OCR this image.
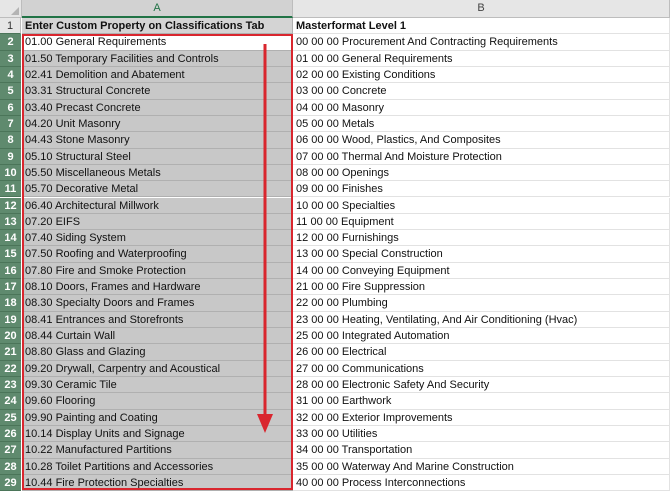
A	B
1	Enter Custom Property on Classifications Tab	Masterformat Level 1
2	01.00 General Requirements	00 00 00 Procurement And Contracting Requirements
3	01.50 Temporary Facilities and Controls	01 00 00 General Requirements
4	02.41 Demolition and Abatement	02 00 00 Existing Conditions
5	03.31 Structural Concrete	03 00 00 Concrete
6	03.40 Precast Concrete	04 00 00 Masonry
7	04.20 Unit Masonry	05 00 00 Metals
8	04.43 Stone Masonry	06 00 00 Wood, Plastics, And Composites
9	05.10 Structural Steel	07 00 00 Thermal And Moisture Protection
10 05.50 Miscellaneous Metals	08 00 00 Openings
11 05.70 Decorative Metal	09 00 00 Finishes
12 06.40 Architectural Millwork	10 00 00 Specialties
13 07.20 EIFS	11 00 00 Equipment
14 07.40 Siding System	12 00 00 Furnishings
15 07.50 Roofing and Waterproofing	13 00 00 Special Construction
16 07.80 Fire and Smoke Protection	14 00 00 Conveying Equipment
17 08.10 Doors, Frames and Hardware	21 00 00 Fire Suppression
18 08.30 Specialty Doors and Frames	22 00 00 Plumbing
19 08.41 Entrances and Storefronts	23 00 00 Heating, Ventilating, And Air Conditioning (Hvac)
20 08.44 Curtain Wall	25 00 00 Integrated Automation
21 08.80 Glass and Glazing	26 00 00 Electrical
22 09.20 Drywall, Carpentry and Acoustical	27 00 00 Communications
23 09.30 Ceramic Tile	28 00 00 Electronic Safety And Security
24 09.60 Flooring	31 00 00 Earthwork
25 09.90 Painting and Coating	32 00 00 Exterior Improvements
26 10.14 Display Units and Signage	33 00 00 Utilities
27 10.22 Manufactured Partitions	34 00 00 Transportation
28 10.28 Toilet Partitions and Accessories	35 00 00 Waterway And Marine Construction
29 10.44 Fire Protection Specialties	40 00 00 Process Interconnections
